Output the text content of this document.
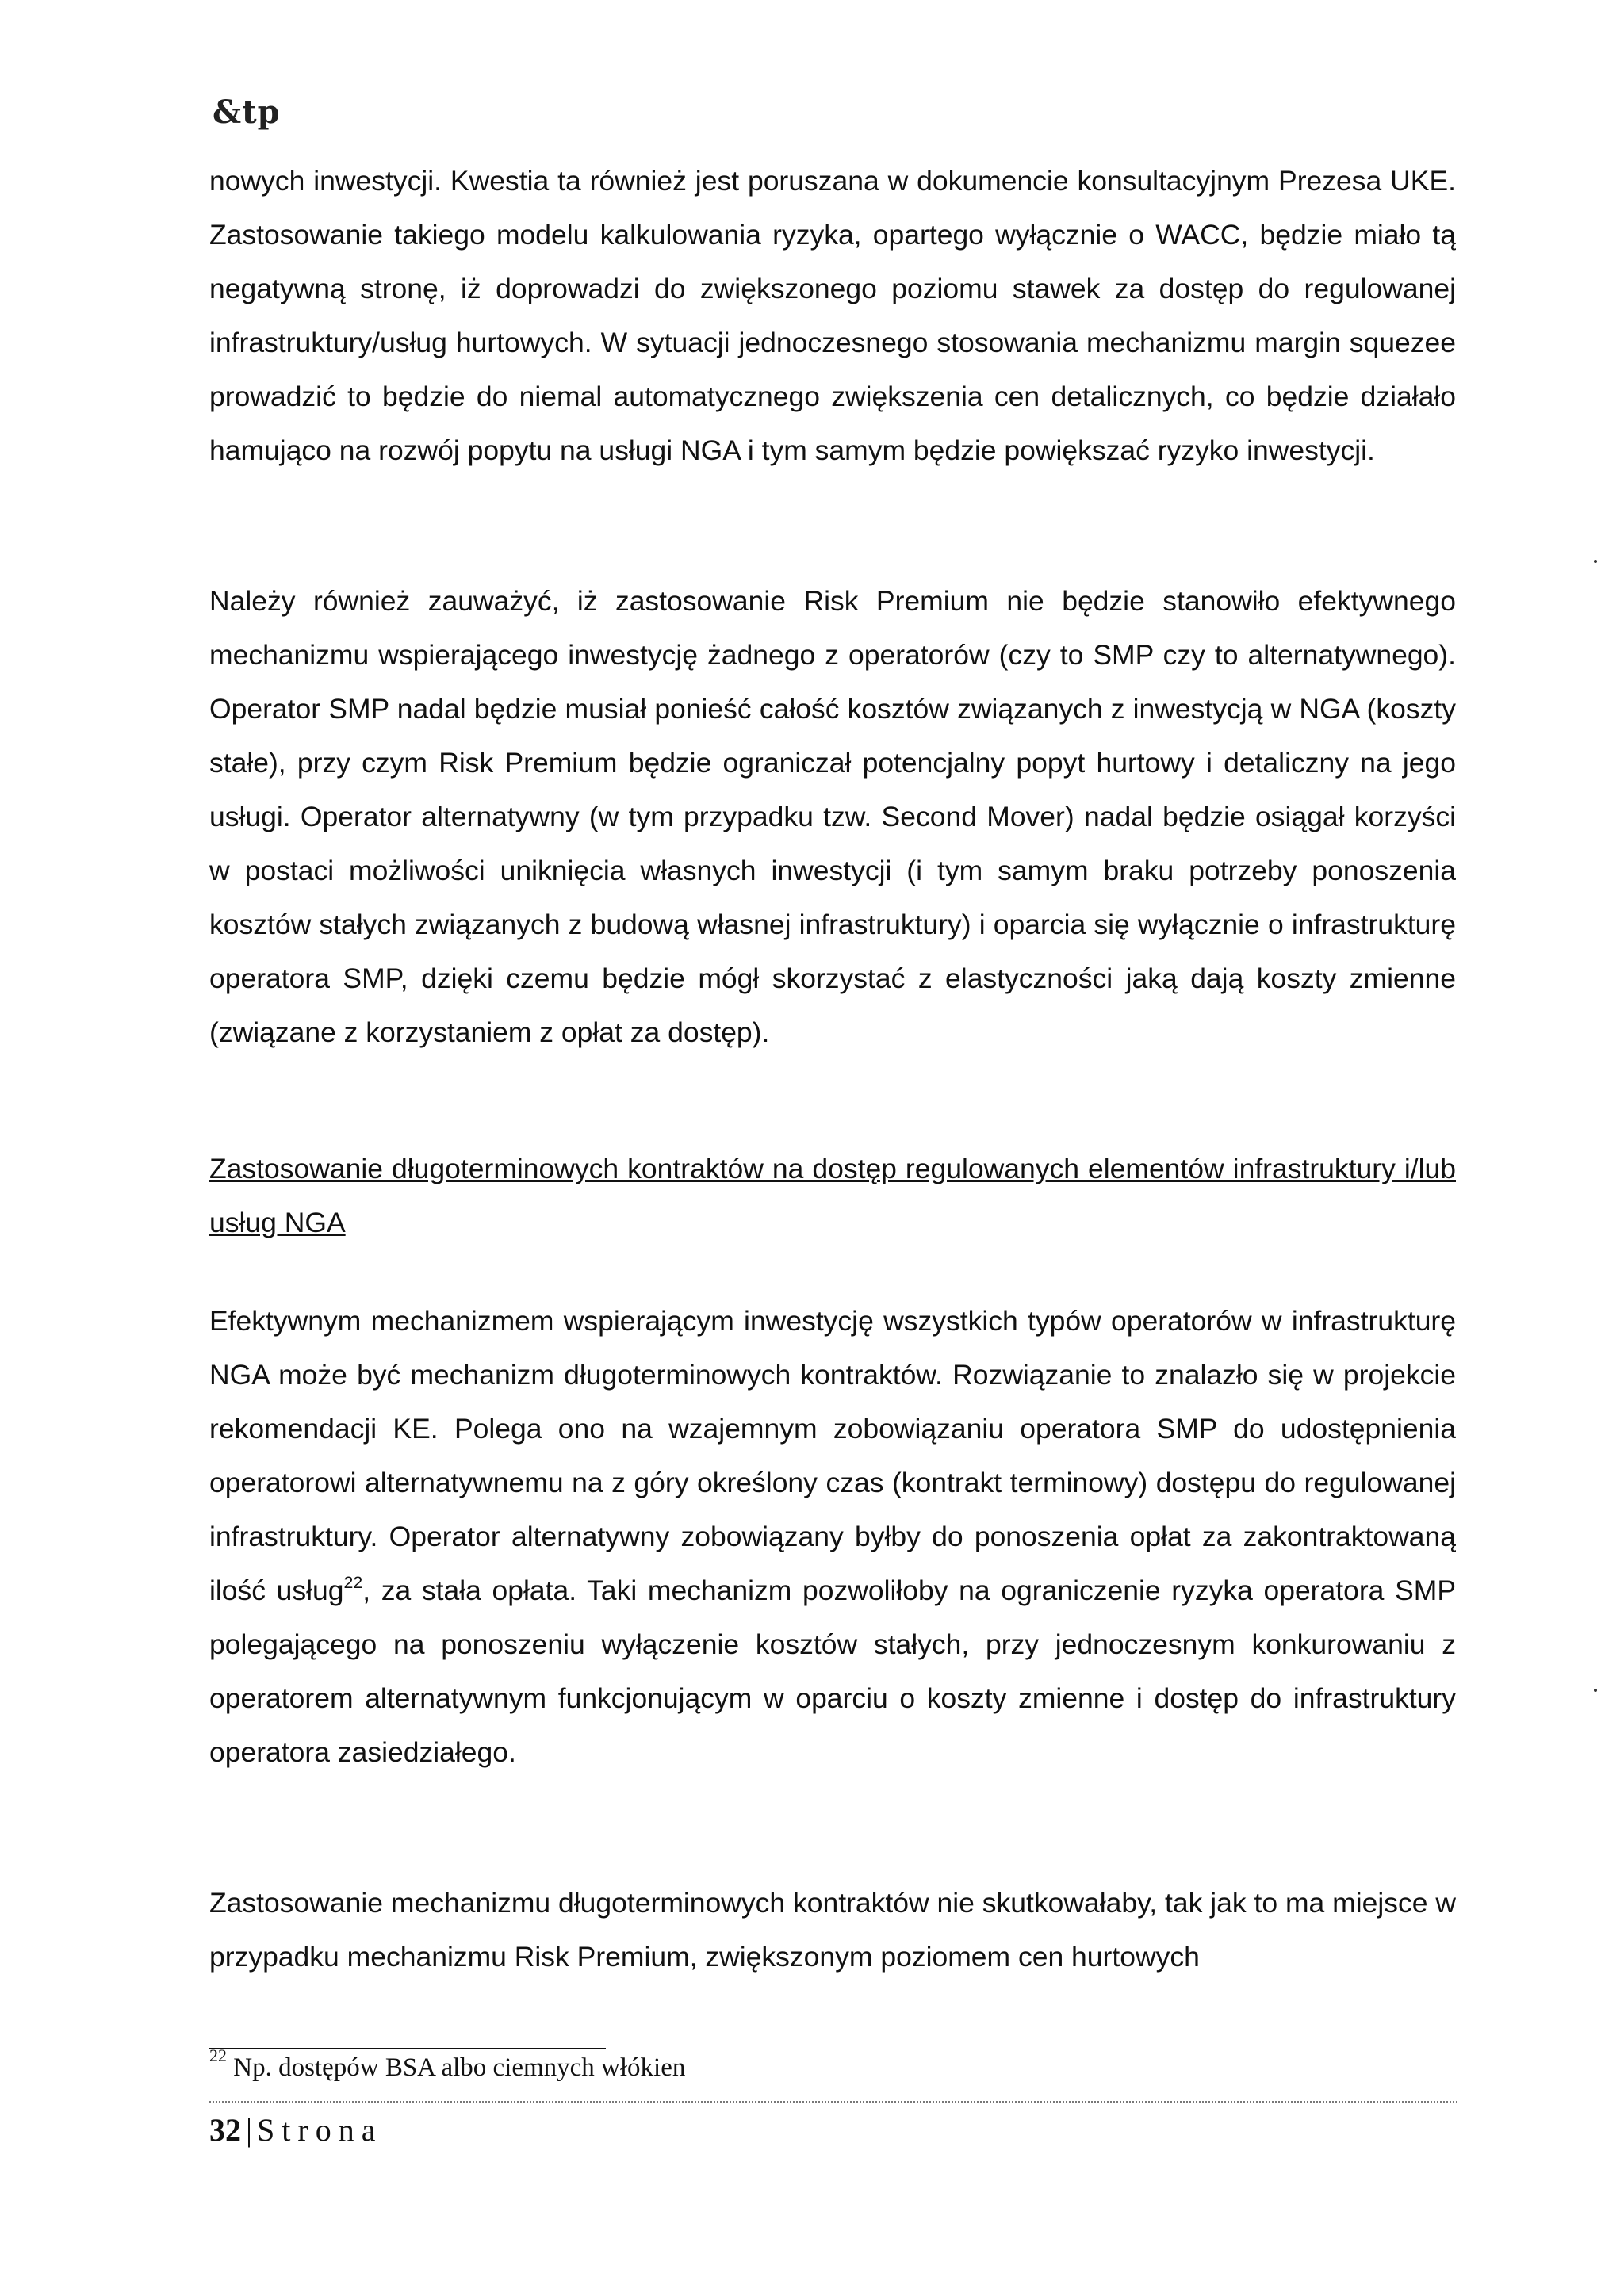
&tp

nowych inwestycji. Kwestia ta również jest poruszana w dokumencie konsultacyjnym Prezesa UKE. Zastosowanie takiego modelu kalkulowania ryzyka, opartego wyłącznie o WACC, będzie miało tą negatywną stronę, iż doprowadzi do zwiększonego poziomu stawek za dostęp do regulowanej infrastruktury/usług hurtowych. W sytuacji jednoczesnego stosowania mechanizmu margin squezee prowadzić to będzie do niemal automatycznego zwiększenia cen detalicznych, co będzie działało hamująco na rozwój popytu na usługi NGA i tym samym będzie powiększać ryzyko inwestycji.

Należy również zauważyć, iż zastosowanie Risk Premium nie będzie stanowiło efektywnego mechanizmu wspierającego inwestycję żadnego z operatorów (czy to SMP czy to alternatywnego). Operator SMP nadal będzie musiał ponieść całość kosztów związanych z inwestycją w NGA (koszty stałe), przy czym Risk Premium będzie ograniczał potencjalny popyt hurtowy i detaliczny na jego usługi. Operator alternatywny (w tym przypadku tzw. Second Mover) nadal będzie osiągał korzyści w postaci możliwości uniknięcia własnych inwestycji (i tym samym braku potrzeby ponoszenia kosztów stałych związanych z budową własnej infrastruktury) i oparcia się wyłącznie o infrastrukturę operatora SMP, dzięki czemu będzie mógł skorzystać z elastyczności jaką dają koszty zmienne (związane z korzystaniem z opłat za dostęp).

Zastosowanie długoterminowych kontraktów na dostęp regulowanych elementów infrastruktury i/lub usług NGA

Efektywnym mechanizmem wspierającym inwestycję wszystkich typów operatorów w infrastrukturę NGA może być mechanizm długoterminowych kontraktów. Rozwiązanie to znalazło się w projekcie rekomendacji KE. Polega ono na wzajemnym zobowiązaniu operatora SMP do udostępnienia operatorowi alternatywnemu na z góry określony czas (kontrakt terminowy) dostępu do regulowanej infrastruktury. Operator alternatywny zobowiązany byłby do ponoszenia opłat za zakontraktowaną ilość usług$^{22}$, za stała opłata. Taki mechanizm pozwoliłoby na ograniczenie ryzyka operatora SMP polegającego na ponoszeniu wyłączenie kosztów stałych, przy jednoczesnym konkurowaniu z operatorem alternatywnym funkcjonującym w oparciu o koszty zmienne i dostęp do infrastruktury operatora zasiedziałego.

Zastosowanie mechanizmu długoterminowych kontraktów nie skutkowałaby, tak jak to ma miejsce w przypadku mechanizmu Risk Premium, zwiększonym poziomem cen hurtowych

$^{22}$ Np. dostępów BSA albo ciemnych włókien
32 | Strona
